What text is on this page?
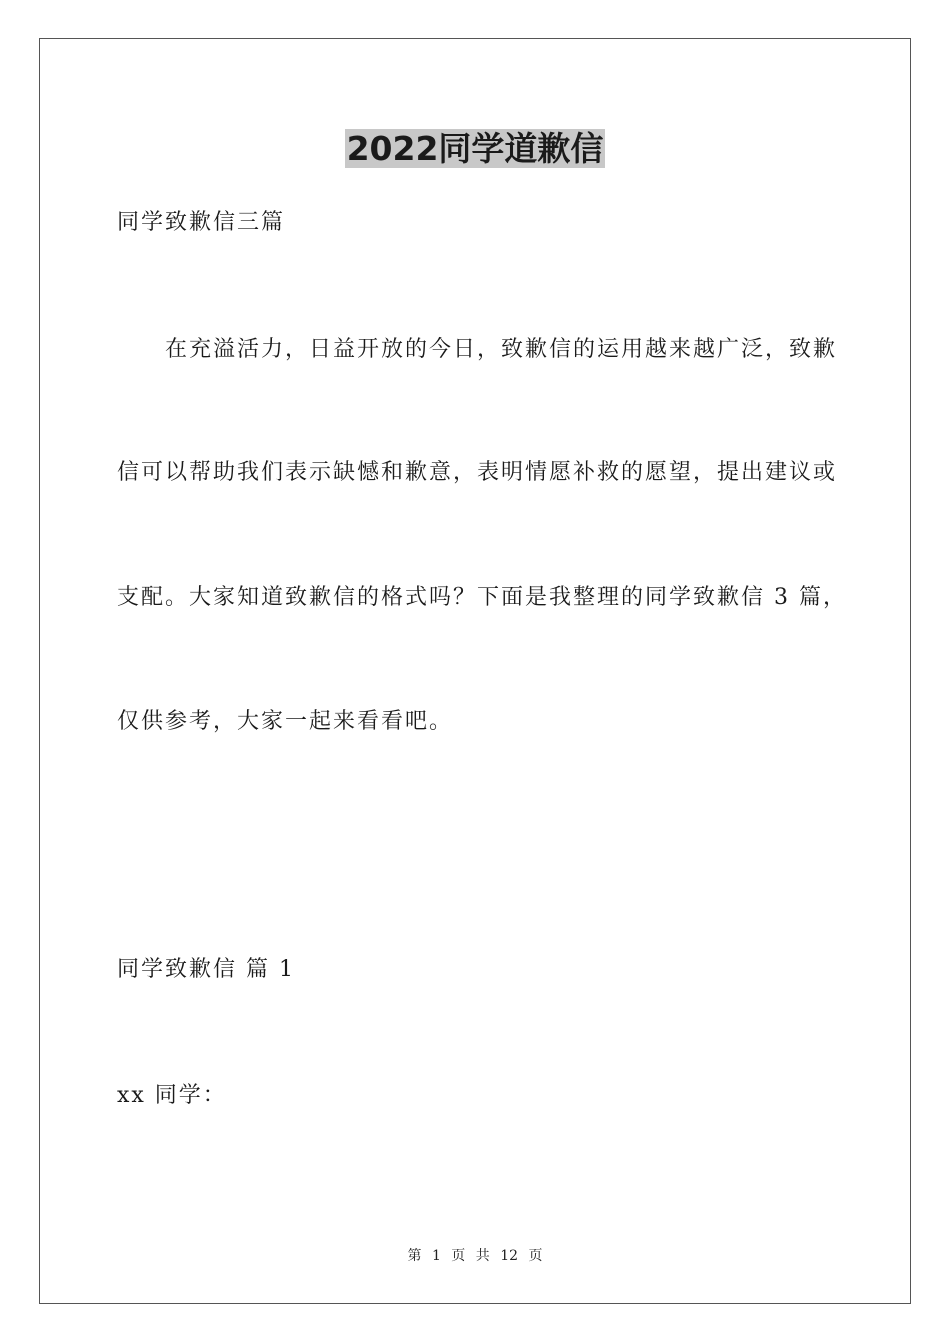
2022同学道歉信
同学致歉信三篇
在充溢活力，日益开放的今日，致歉信的运用越来越广泛，致歉
信可以帮助我们表示缺憾和歉意，表明情愿补救的愿望，提出建议或
支配。大家知道致歉信的格式吗？下面是我整理的同学致歉信 3 篇，
仅供参考，大家一起来看看吧。
同学致歉信 篇 1
xx 同学：
第 1 页 共 12 页
